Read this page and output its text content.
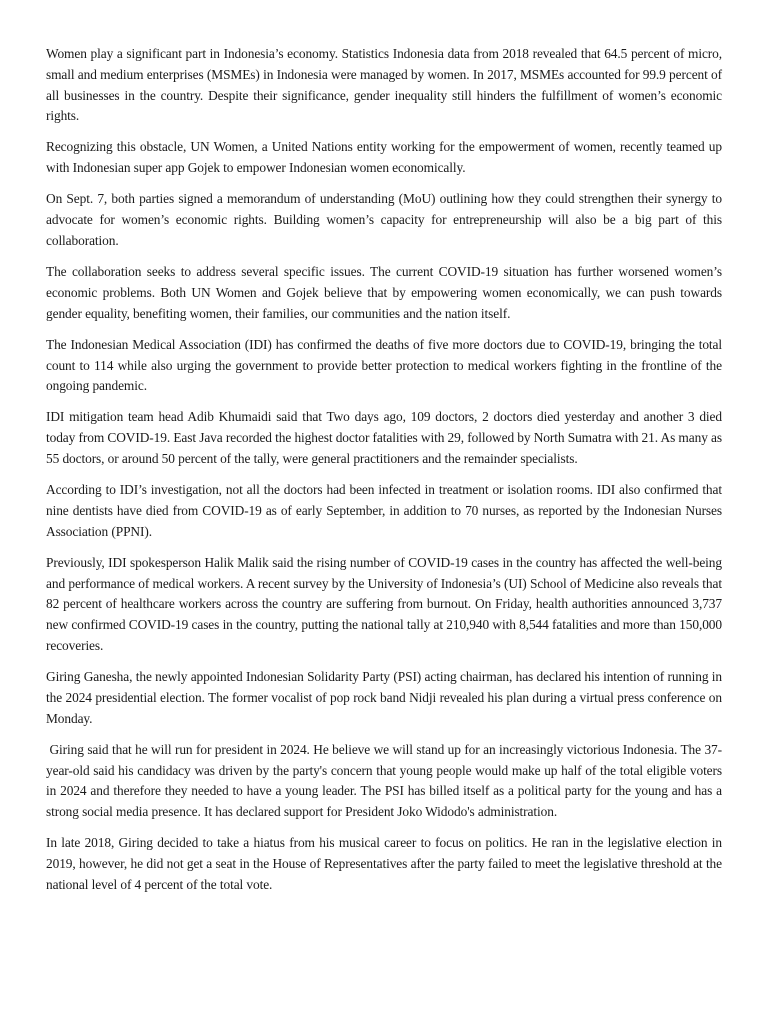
Women play a significant part in Indonesia’s economy. Statistics Indonesia data from 2018 revealed that 64.5 percent of micro, small and medium enterprises (MSMEs) in Indonesia were managed by women. In 2017, MSMEs accounted for 99.9 percent of all businesses in the country. Despite their significance, gender inequality still hinders the fulfillment of women’s economic rights.

Recognizing this obstacle, UN Women, a United Nations entity working for the empowerment of women, recently teamed up with Indonesian super app Gojek to empower Indonesian women economically.

On Sept. 7, both parties signed a memorandum of understanding (MoU) outlining how they could strengthen their synergy to advocate for women’s economic rights. Building women’s capacity for entrepreneurship will also be a big part of this collaboration.

The collaboration seeks to address several specific issues. The current COVID-19 situation has further worsened women’s economic problems. Both UN Women and Gojek believe that by empowering women economically, we can push towards gender equality, benefiting women, their families, our communities and the nation itself.

The Indonesian Medical Association (IDI) has confirmed the deaths of five more doctors due to COVID-19, bringing the total count to 114 while also urging the government to provide better protection to medical workers fighting in the frontline of the ongoing pandemic.

IDI mitigation team head Adib Khumaidi said that Two days ago, 109 doctors, 2 doctors died yesterday and another 3 died today from COVID-19. East Java recorded the highest doctor fatalities with 29, followed by North Sumatra with 21. As many as 55 doctors, or around 50 percent of the tally, were general practitioners and the remainder specialists.

According to IDI’s investigation, not all the doctors had been infected in treatment or isolation rooms. IDI also confirmed that nine dentists have died from COVID-19 as of early September, in addition to 70 nurses, as reported by the Indonesian Nurses Association (PPNI).

Previously, IDI spokesperson Halik Malik said the rising number of COVID-19 cases in the country has affected the well-being and performance of medical workers. A recent survey by the University of Indonesia’s (UI) School of Medicine also reveals that 82 percent of healthcare workers across the country are suffering from burnout. On Friday, health authorities announced 3,737 new confirmed COVID-19 cases in the country, putting the national tally at 210,940 with 8,544 fatalities and more than 150,000 recoveries.

Giring Ganesha, the newly appointed Indonesian Solidarity Party (PSI) acting chairman, has declared his intention of running in the 2024 presidential election. The former vocalist of pop rock band Nidji revealed his plan during a virtual press conference on Monday.

Giring said that he will run for president in 2024. He believe we will stand up for an increasingly victorious Indonesia. The 37-year-old said his candidacy was driven by the party's concern that young people would make up half of the total eligible voters in 2024 and therefore they needed to have a young leader. The PSI has billed itself as a political party for the young and has a strong social media presence. It has declared support for President Joko Widodo's administration.

In late 2018, Giring decided to take a hiatus from his musical career to focus on politics. He ran in the legislative election in 2019, however, he did not get a seat in the House of Representatives after the party failed to meet the legislative threshold at the national level of 4 percent of the total vote.
